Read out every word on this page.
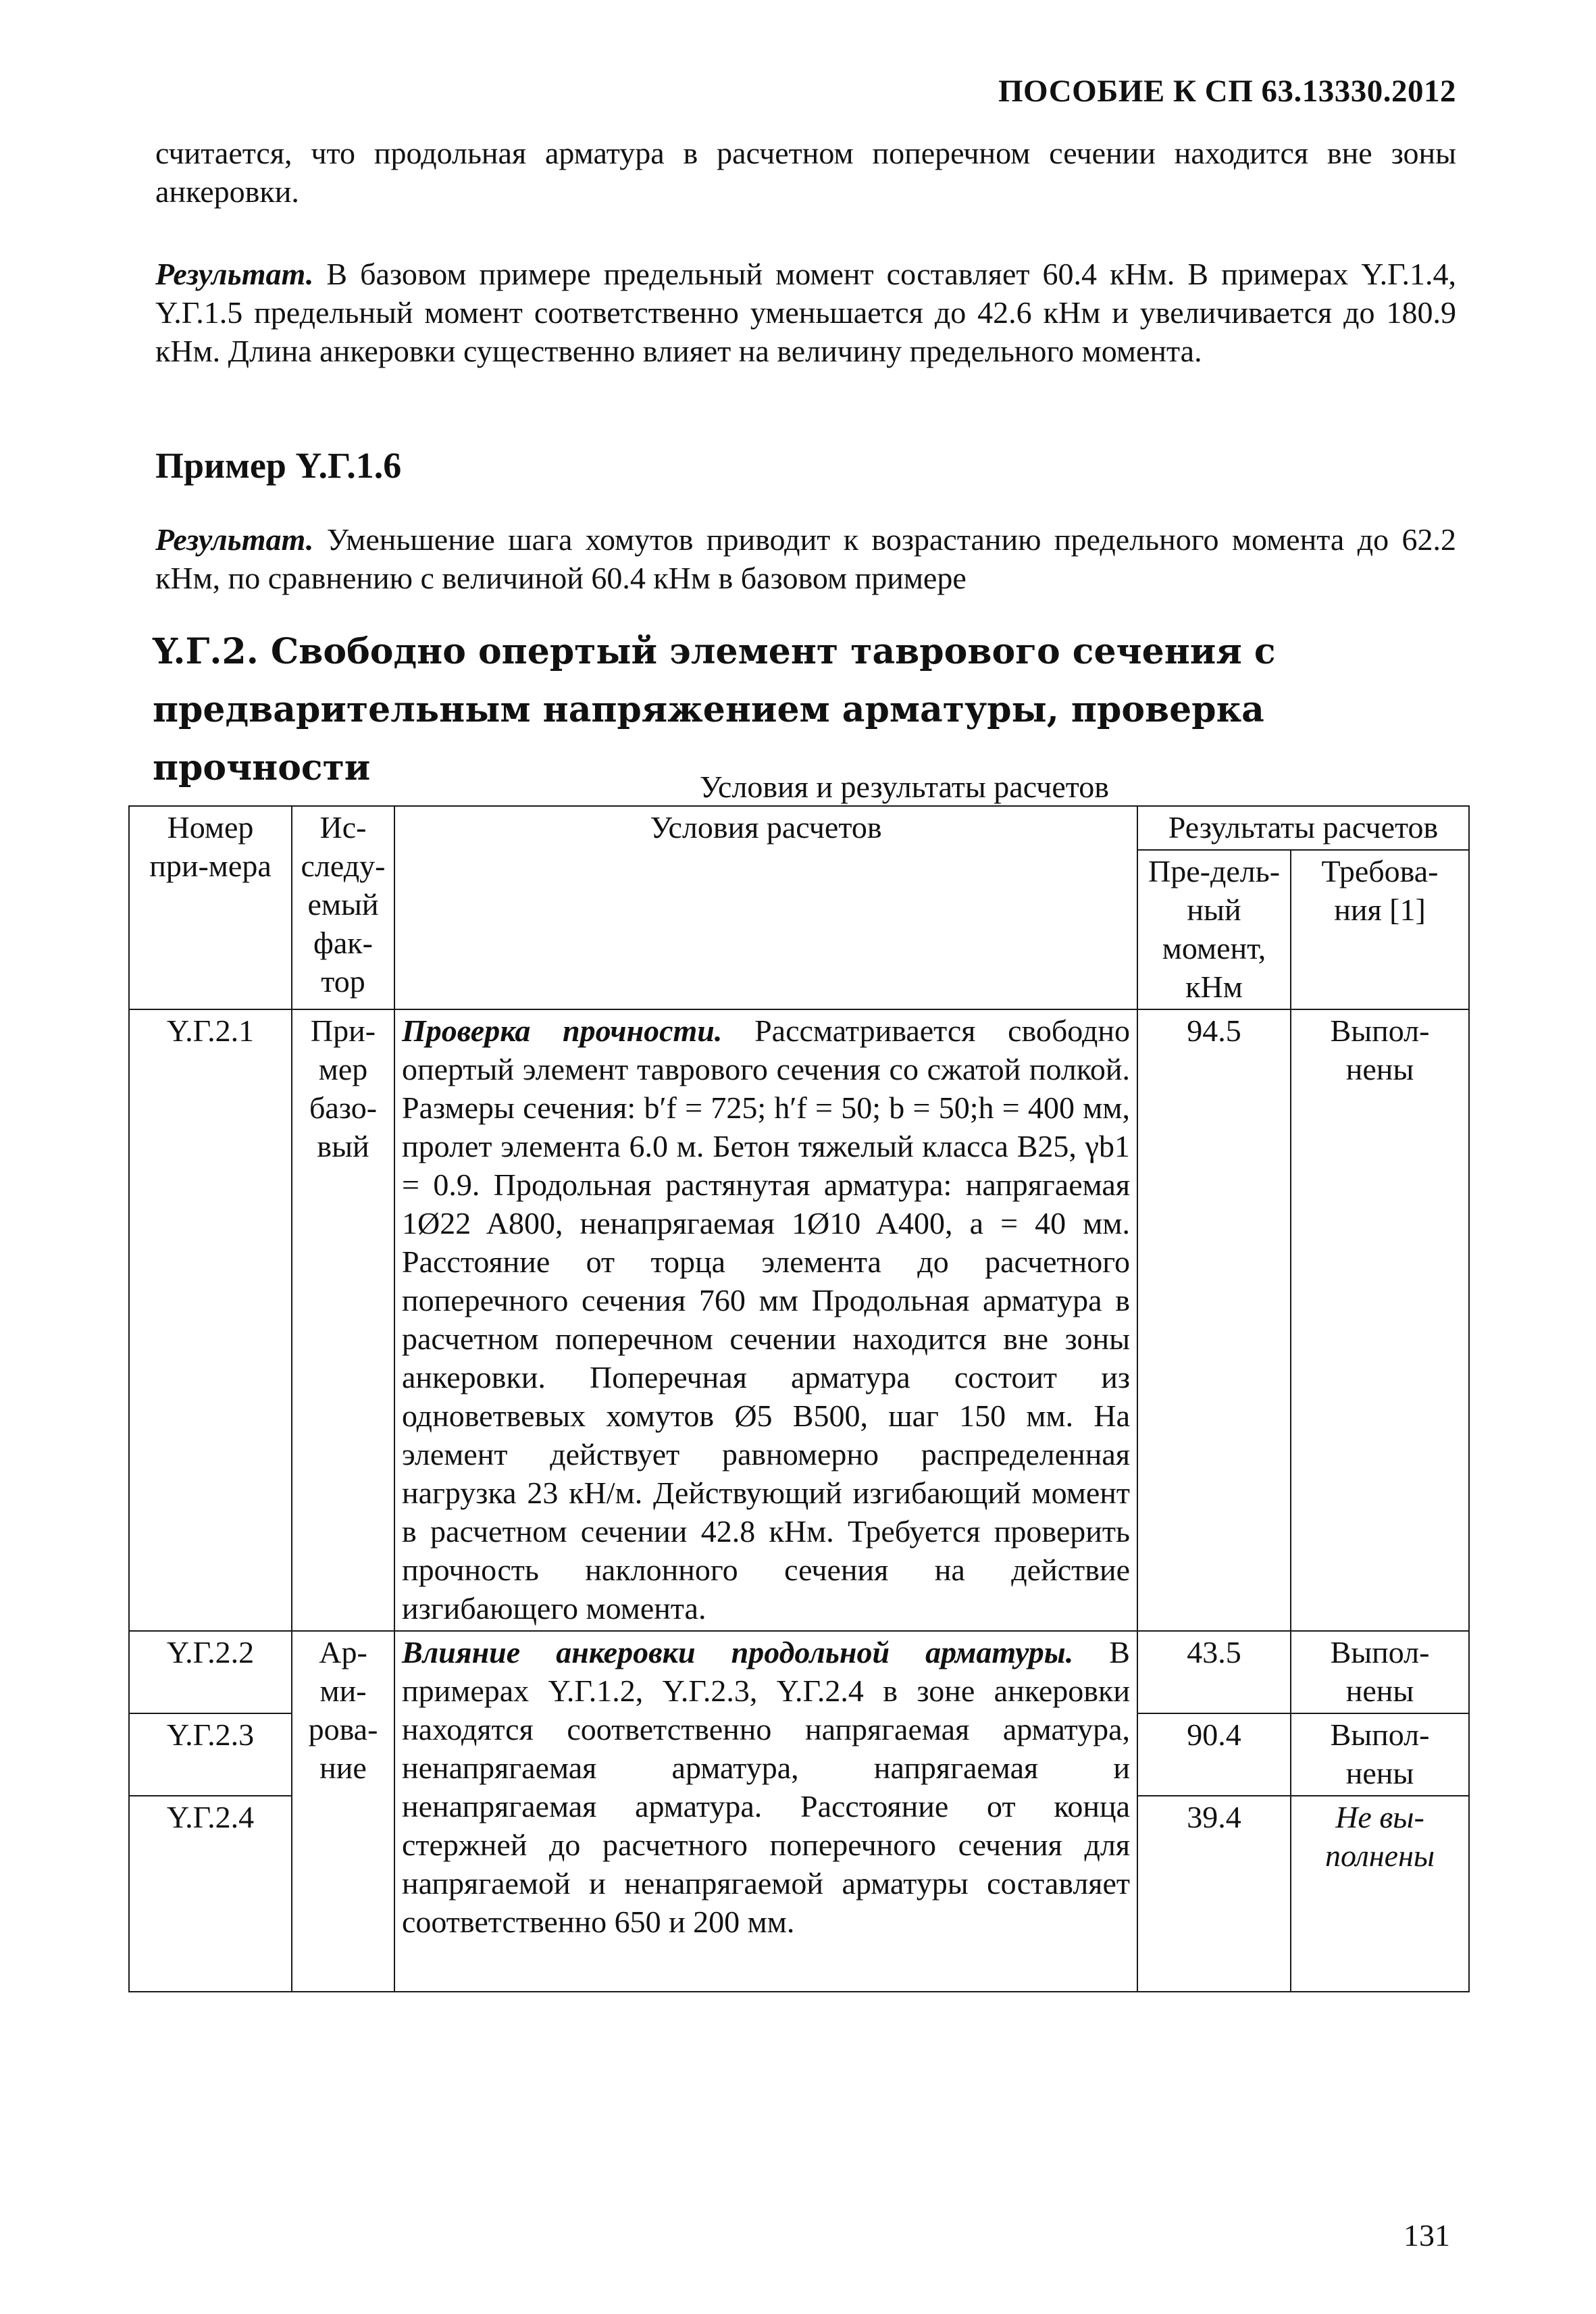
ПОСОБИЕ К СП 63.13330.2012
считается, что продольная арматура в расчетном поперечном сечении находится вне зоны анкеровки.
Результат. В базовом примере предельный момент составляет 60.4 кНм. В примерах Y.Г.1.4, Y.Г.1.5 предельный момент соответственно уменьшается до 42.6 кНм и увеличивается до 180.9 кНм. Длина анкеровки существенно влияет на величину предельного момента.
Пример Y.Г.1.6
Результат. Уменьшение шага хомутов приводит к возрастанию предельного момента до 62.2 кНм, по сравнению с величиной 60.4 кНм в базовом примере
Y.Г.2. Свободно опертый элемент таврового сечения с предварительным напряжением арматуры, проверка прочности	Условия и результаты расчетов
Номер при-мера	Ис-следу-емый фак-тор	Условия расчетов	Результаты расчетов	
			Пре-дель-ный момент, кНм	Требова-ния [1]
Y.Г.2.1	При-мер базо-вый	Проверка прочности. Рассматривается свободно опертый элемент таврового сечения со сжатой полкой. Размеры сечения: b′f = 725; h′f = 50; b = 50;h = 400 мм, пролет элемента 6.0 м. Бетон тяжелый класса B25, γb1 = 0.9. Продольная растянутая арматура: напрягаемая 1Ø22 A800, ненапрягаемая 1Ø10 A400, a = 40 мм. Расстояние от торца элемента до расчетного поперечного сечения 760 мм Продольная арматура в расчетном поперечном сечении находится вне зоны анкеровки. Поперечная арматура состоит из одноветвевых хомутов Ø5 B500, шаг 150 мм. На элемент действует равномерно распределенная нагрузка 23 кН/м. Действующий изгибающий момент в расчетном сечении 42.8 кНм. Требуется проверить прочность наклонного сечения на действие изгибающего момента.	94.5	Выпол-нены
Y.Г.2.2	Ар-ми-рова-ние	Влияние анкеровки продольной арматуры. В примерах Y.Г.1.2, Y.Г.2.3, Y.Г.2.4 в зоне анкеровки находятся соответственно напрягаемая арматура, ненапрягаемая арматура, напрягаемая и ненапрягаемая арматура. Расстояние от конца стержней до расчетного поперечного сечения для напрягаемой и ненапрягаемой арматуры составляет соответственно 650 и 200 мм.	43.5	Выпол-нены
Y.Г.2.3			90.4	Выпол-нены
Y.Г.2.4			39.4	Не вы-полнены
131
